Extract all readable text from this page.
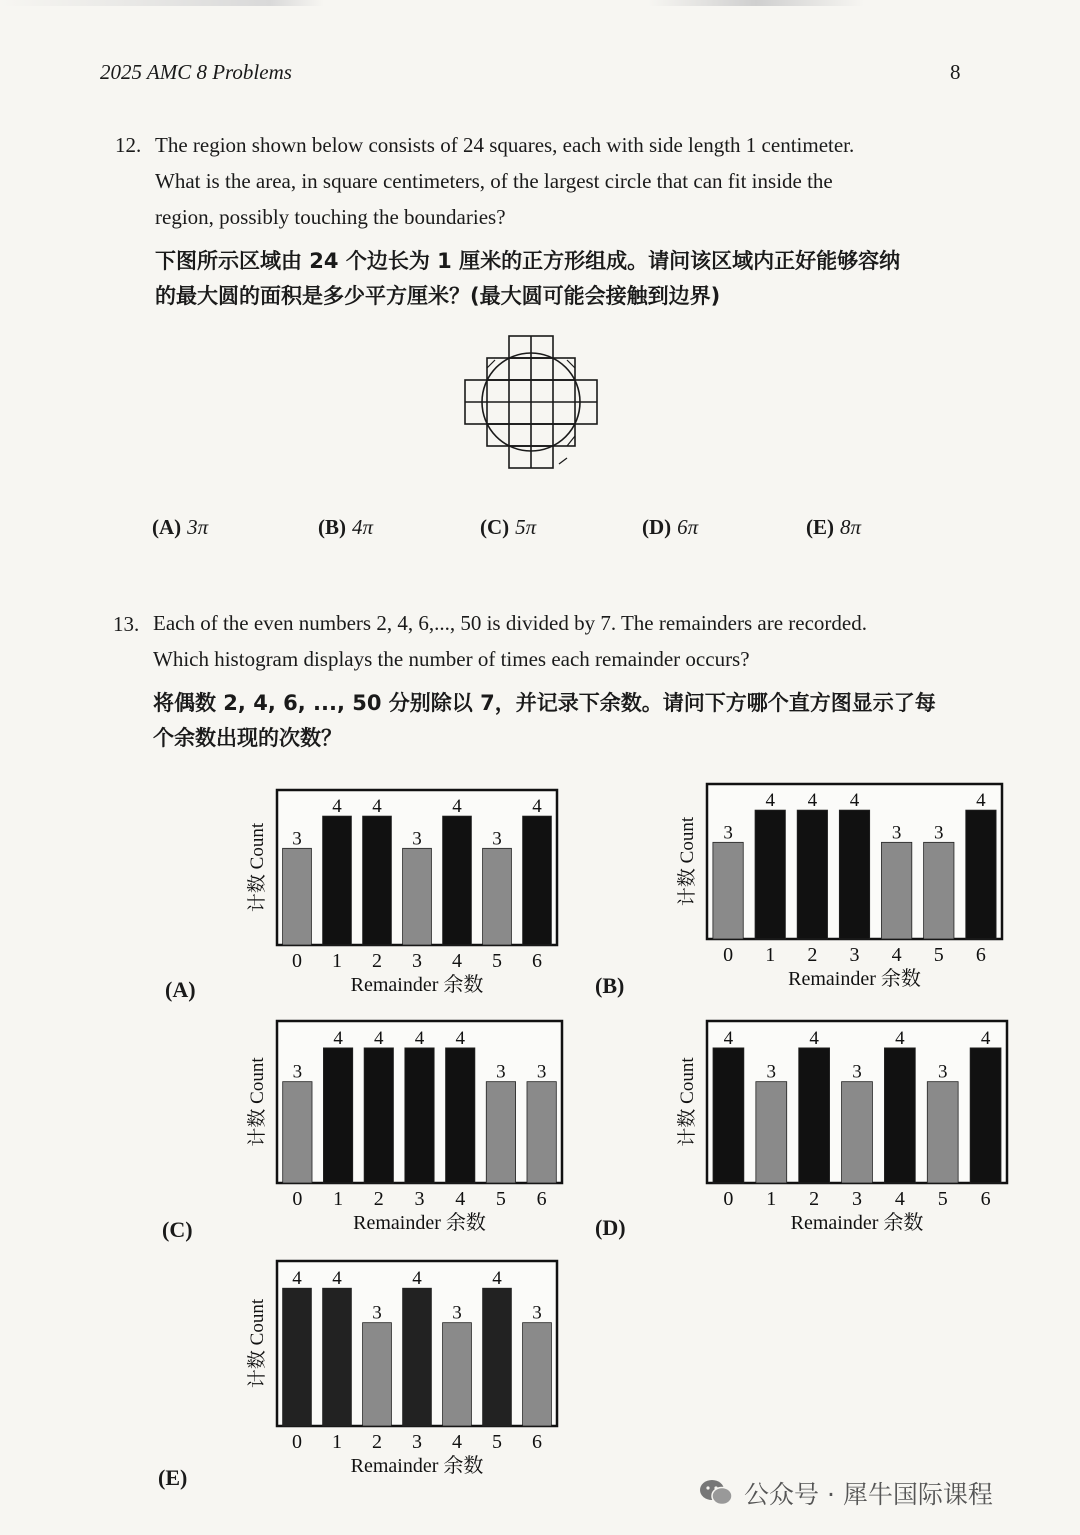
2025 AMC 8 Problems	8
12. The region shown below consists of 24 squares, each with side length 1 centimeter.
What is the area, in square centimeters, of the largest circle that can fit inside the
region, possibly touching the boundaries?
下图所示区域由 24 个边长为 1 厘米的正方形组成。请问该区域内正好能够容纳
的最大圆的面积是多少平方厘米？(最大圆可能会接触到边界)
(A) 3π	(B) 4π	(C) 5π	(D) 6π	(E) 8π
13. Each of the even numbers 2, 4, 6,..., 50 is divided by 7. The remainders are recorded.
Which histogram displays the number of times each remainder occurs?
将偶数 2, 4, 6, ..., 50 分别除以 7，并记录下余数。请问下方哪个直方图显示了每
个余数出现的次数？
3
0
4
1
4
2
3
3
4
4
3
5
4
6
Remainder 余数
计数 Count
(A)
3
0
4
1
4
2
4
3
3
4
3
5
4
6
Remainder 余数
计数 Count
(B)
3
0
4
1
4
2
4
3
4
4
3
5
3
6
Remainder 余数
计数 Count
(C)
4
0
3
1
4
2
3
3
4
4
3
5
4
6
Remainder 余数
计数 Count
(D)
4
0
4
1
3
2
4
3
3
4
4
5
3
6
Remainder 余数
计数 Count
(E)
公众号 · 犀牛国际课程
